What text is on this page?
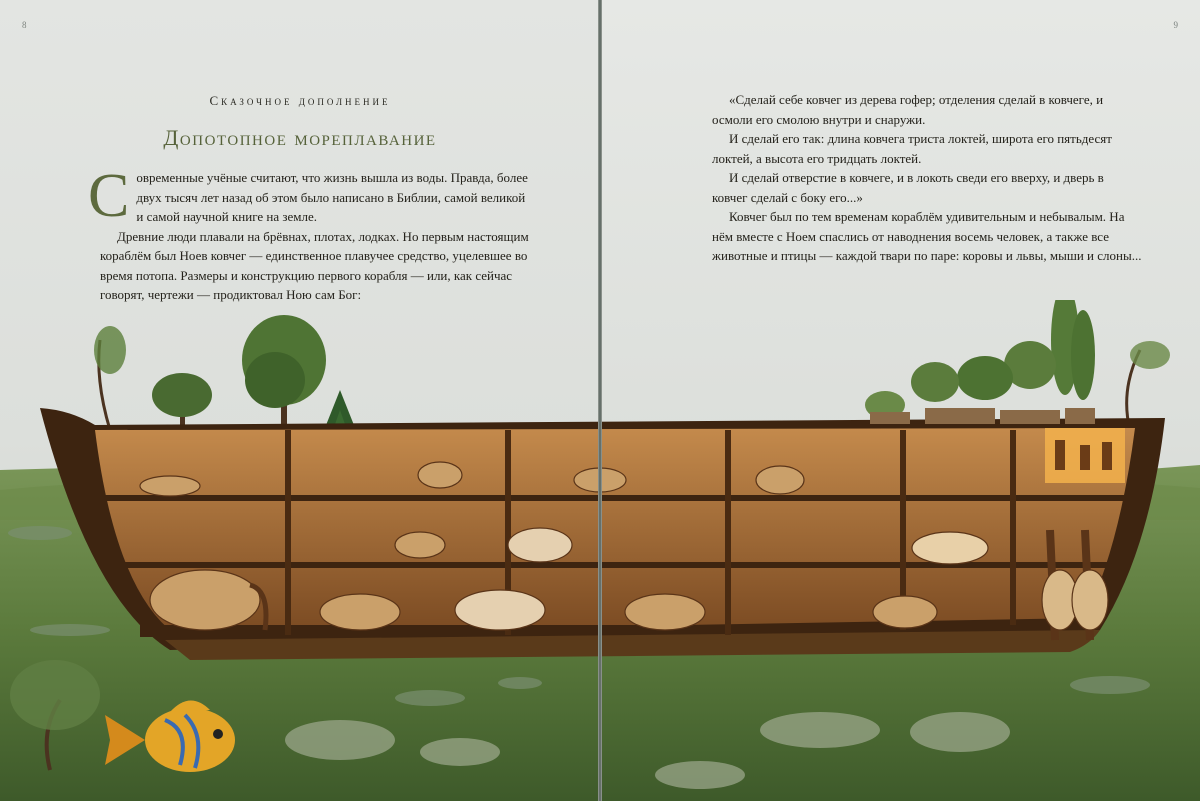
8	9
Сказочное дополнение
Допотопное мореплавание

Современные учёные считают, что жизнь вышла из воды. Правда, более двух тысяч лет назад об этом было написано в Библии, самой великой и самой научной книге на земле.

Древние люди плавали на брёвнах, плотах, лодках. Но первым настоящим кораблём был Ноев ковчег — единственное плавучее средство, уцелевшее во время потопа. Размеры и конструкцию первого корабля — или, как сейчас говорят, чертежи — продиктовал Ною сам Бог:

«Сделай себе ковчег из дерева гофер; отделения сделай в ковчеге, и осмоли его смолою внутри и снаружи.

И сделай его так: длина ковчега триста локтей, широта его пятьдесят локтей, а высота его тридцать локтей.

И сделай отверстие в ковчеге, и в локоть сведи его вверху, и дверь в ковчег сделай с боку его...»

Ковчег был по тем временам кораблём удивительным и небывалым. На нём вместе с Ноем спаслись от наводнения восемь человек, а также все животные и птицы — каждой твари по паре: коровы и львы, мыши и слоны...
